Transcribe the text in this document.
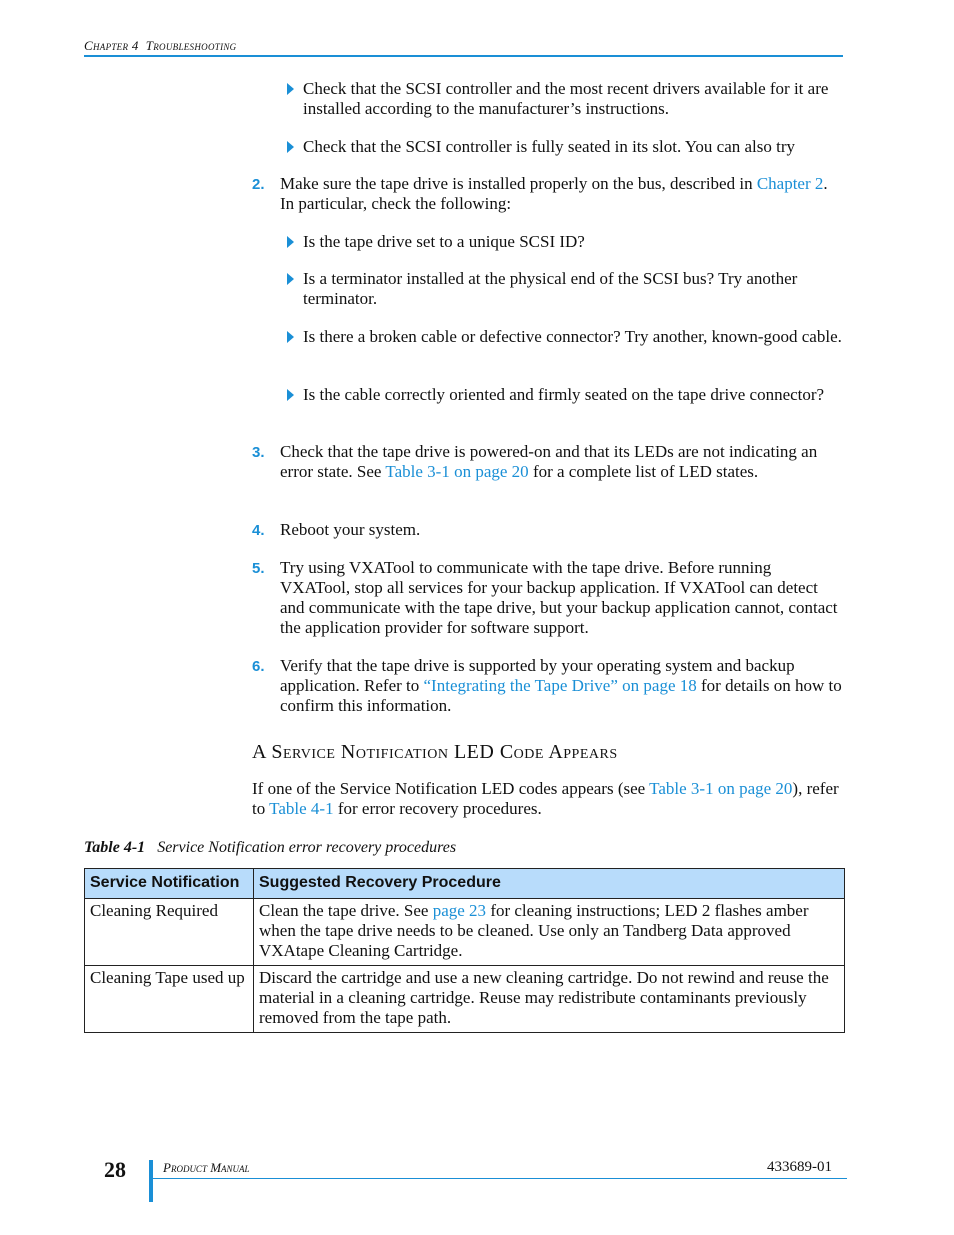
Chapter 4 Troubleshooting
Check that the SCSI controller and the most recent drivers available for it are installed according to the manufacturer’s instructions.
Check that the SCSI controller is fully seated in its slot. You can also try
2. Make sure the tape drive is installed properly on the bus, described in Chapter 2. In particular, check the following:
Is the tape drive set to a unique SCSI ID?
Is a terminator installed at the physical end of the SCSI bus? Try another terminator.
Is there a broken cable or defective connector? Try another, known-good cable.
Is the cable correctly oriented and firmly seated on the tape drive connector?
3. Check that the tape drive is powered-on and that its LEDs are not indicating an error state. See Table 3-1 on page 20 for a complete list of LED states.
4. Reboot your system.
5. Try using VXATool to communicate with the tape drive. Before running VXATool, stop all services for your backup application. If VXATool can detect and communicate with the tape drive, but your backup application cannot, contact the application provider for software support.
6. Verify that the tape drive is supported by your operating system and backup application. Refer to “Integrating the Tape Drive” on page 18 for details on how to confirm this information.
A Service Notification LED Code Appears
If one of the Service Notification LED codes appears (see Table 3-1 on page 20), refer to Table 4-1 for error recovery procedures.
Table 4-1 Service Notification error recovery procedures
Service Notification	Suggested Recovery Procedure
Cleaning Required	Clean the tape drive. See page 23 for cleaning instructions; LED 2 flashes amber when the tape drive needs to be cleaned. Use only an Tandberg Data approved VXAtape Cleaning Cartridge.
Cleaning Tape used up	Discard the cartridge and use a new cleaning cartridge. Do not rewind and reuse the material in a cleaning cartridge. Reuse may redistribute contaminants previously removed from the tape path.
28	Product Manual	433689-01
